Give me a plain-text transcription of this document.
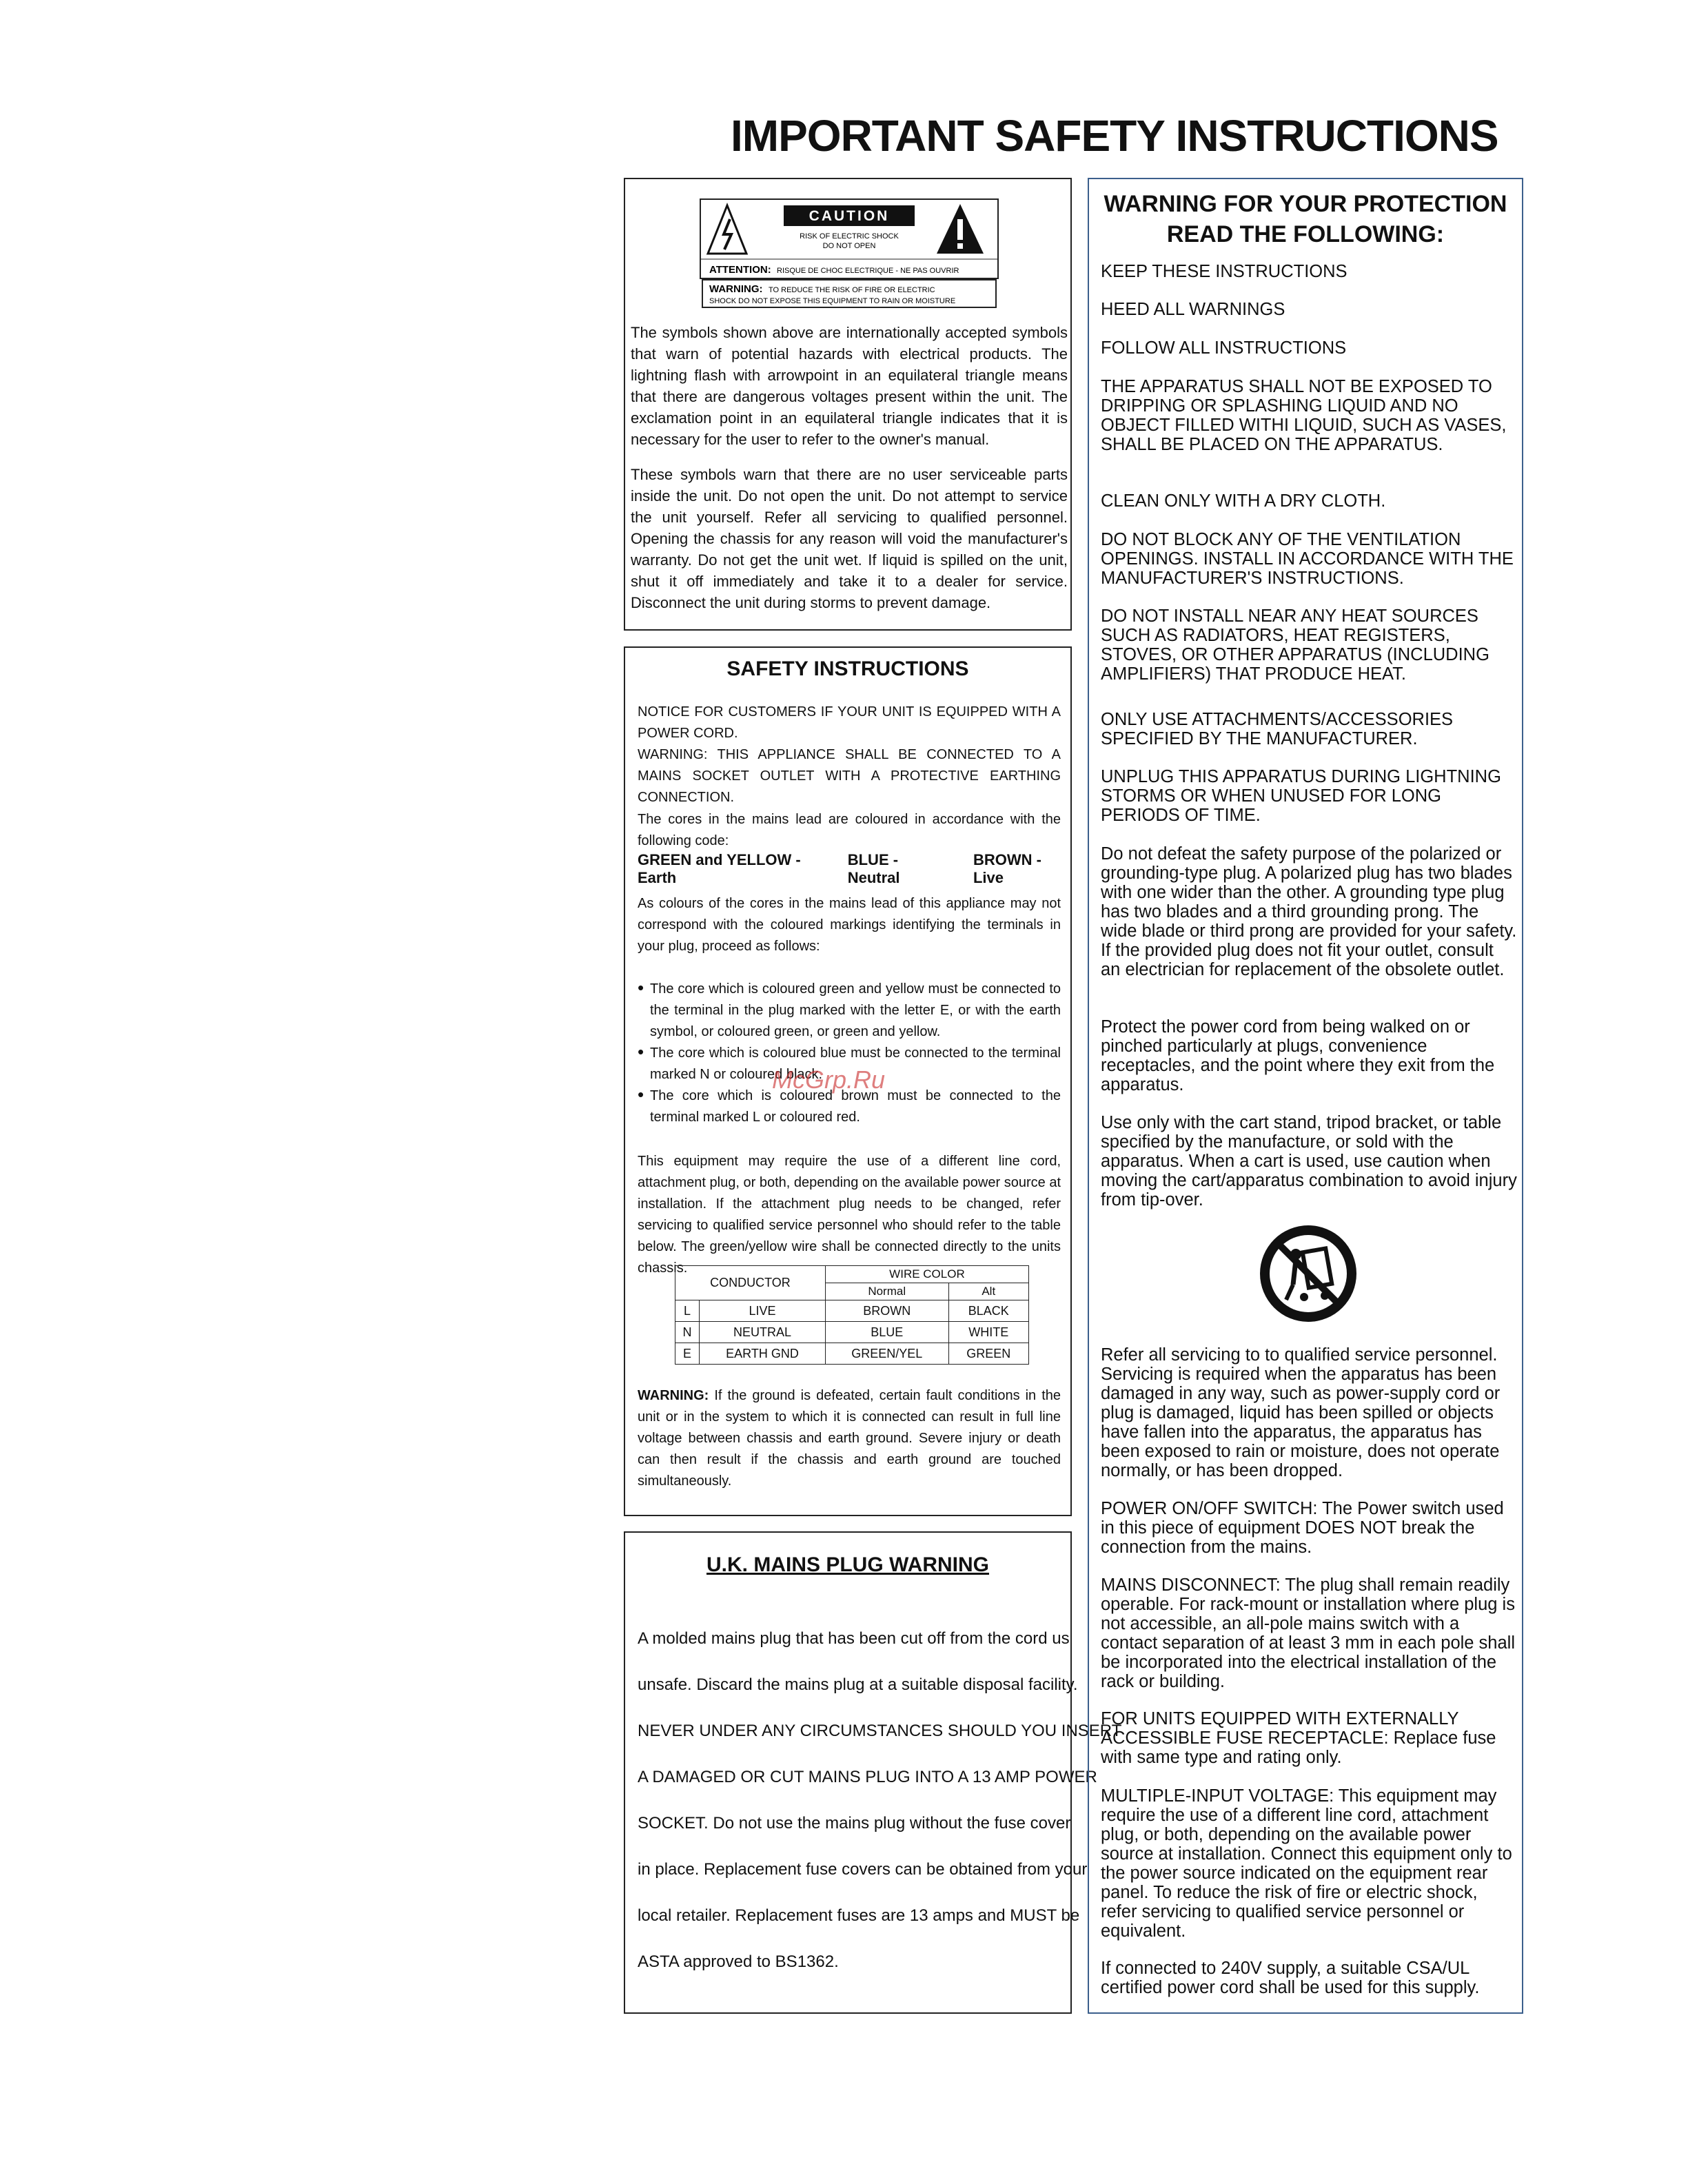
IMPORTANT SAFETY INSTRUCTIONS
CAUTION
RISK OF ELECTRIC SHOCK
DO NOT OPEN
ATTENTION: RISQUE DE CHOC ELECTRIQUE - NE PAS OUVRIR
WARNING: TO REDUCE THE RISK OF FIRE OR ELECTRIC
SHOCK DO NOT EXPOSE THIS EQUIPMENT TO RAIN OR MOISTURE

The symbols shown above are internationally accepted symbols that warn of potential hazards with electrical products. The lightning flash with arrowpoint in an equilateral triangle means that there are dangerous voltages present within the unit. The exclamation point in an equilateral triangle indicates that it is necessary for the user to refer to the owner's manual.

These symbols warn that there are no user serviceable parts inside the unit. Do not open the unit. Do not attempt to service the unit yourself. Refer all servicing to qualified personnel. Opening the chassis for any reason will void the manufacturer's warranty. Do not get the unit wet. If liquid is spilled on the unit, shut it off immediately and take it to a dealer for service. Disconnect the unit during storms to prevent damage.

SAFETY INSTRUCTIONS

NOTICE FOR CUSTOMERS IF YOUR UNIT IS EQUIPPED WITH A POWER CORD.

WARNING: THIS APPLIANCE SHALL BE CONNECTED TO A MAINS SOCKET OUTLET WITH A PROTECTIVE EARTHING CONNECTION.

The cores in the mains lead are coloured in accordance with the following code:

GREEN and YELLOW - Earth
BLUE - Neutral
BROWN - Live

As colours of the cores in the mains lead of this appliance may not correspond with the coloured markings identifying the terminals in your plug, proceed as follows:

• The core which is coloured green and yellow must be connected to the terminal in the plug marked with the letter E, or with the earth symbol, or coloured green, or green and yellow.
• The core which is coloured blue must be connected to the terminal marked N or coloured black.
• The core which is coloured brown must be connected to the terminal marked L or coloured red.

This equipment may require the use of a different line cord, attachment plug, or both, depending on the available power source at installation. If the attachment plug needs to be changed, refer servicing to qualified service personnel who should refer to the table below. The green/yellow wire shall be connected directly to the units chassis.

CONDUCTOR		WIRE COLOR	
		Normal	Alt
L	LIVE	BROWN	BLACK
N	NEUTRAL	BLUE	WHITE
E	EARTH GND	GREEN/YEL	GREEN

WARNING: If the ground is defeated, certain fault conditions in the unit or in the system to which it is connected can result in full line voltage between chassis and earth ground. Severe injury or death can then result if the chassis and earth ground are touched simultaneously.

U.K. MAINS PLUG WARNING

A molded mains plug that has been cut off from the cord us

unsafe. Discard the mains plug at a suitable disposal facility.

NEVER UNDER ANY CIRCUMSTANCES SHOULD YOU INSERT

A DAMAGED OR CUT MAINS PLUG INTO A 13 AMP POWER

SOCKET. Do not use the mains plug without the fuse cover

in place. Replacement fuse covers can be obtained from your

local retailer. Replacement fuses are 13 amps and MUST be

ASTA approved to BS1362.

WARNING FOR YOUR PROTECTION
READ THE FOLLOWING:

KEEP THESE INSTRUCTIONS

HEED ALL WARNINGS

FOLLOW ALL INSTRUCTIONS

THE APPARATUS SHALL NOT BE EXPOSED TO DRIPPING OR SPLASHING LIQUID AND NO OBJECT FILLED WITHI LIQUID, SUCH AS VASES, SHALL BE PLACED ON THE APPARATUS.

CLEAN ONLY WITH A DRY CLOTH.

DO NOT BLOCK ANY OF THE VENTILATION OPENINGS. INSTALL IN ACCORDANCE WITH THE MANUFACTURER'S INSTRUCTIONS.

DO NOT INSTALL NEAR ANY HEAT SOURCES SUCH AS RADIATORS, HEAT REGISTERS, STOVES, OR OTHER APPARATUS (INCLUDING AMPLIFIERS) THAT PRODUCE HEAT.

ONLY USE ATTACHMENTS/ACCESSORIES SPECIFIED BY THE MANUFACTURER.

UNPLUG THIS APPARATUS DURING LIGHTNING STORMS OR WHEN UNUSED FOR LONG PERIODS OF TIME.

Do not defeat the safety purpose of the polarized or grounding-type plug. A polarized plug has two blades with one wider than the other. A grounding type plug has two blades and a third grounding prong. The wide blade or third prong are provided for your safety. If the provided plug does not fit your outlet, consult an electrician for replacement of the obsolete outlet.

Protect the power cord from being walked on or pinched particularly at plugs, convenience receptacles, and the point where they exit from the apparatus.

Use only with the cart stand, tripod bracket, or table specified by the manufacture, or sold with the apparatus. When a cart is used, use caution when moving the cart/apparatus combination to avoid injury from tip-over.

Refer all servicing to to qualified service personnel. Servicing is required when the apparatus has been damaged in any way, such as power-supply cord or plug is damaged, liquid has been spilled or objects have fallen into the apparatus, the apparatus has been exposed to rain or moisture, does not operate normally, or has been dropped.

POWER ON/OFF SWITCH: The Power switch used in this piece of equipment DOES NOT break the connection from the mains.

MAINS DISCONNECT: The plug shall remain readily operable. For rack-mount or installation where plug is not accessible, an all-pole mains switch with a contact separation of at least 3 mm in each pole shall be incorporated into the electrical installation of the rack or building.

FOR UNITS EQUIPPED WITH EXTERNALLY ACCESSIBLE FUSE RECEPTACLE: Replace fuse with same type and rating only.

MULTIPLE-INPUT VOLTAGE: This equipment may require the use of a different line cord, attachment plug, or both, depending on the available power source at installation. Connect this equipment only to the power source indicated on the equipment rear panel. To reduce the risk of fire or electric shock, refer servicing to qualified service personnel or equivalent.

If connected to 240V supply, a suitable CSA/UL certified power cord shall be used for this supply.

McGrp.Ru
